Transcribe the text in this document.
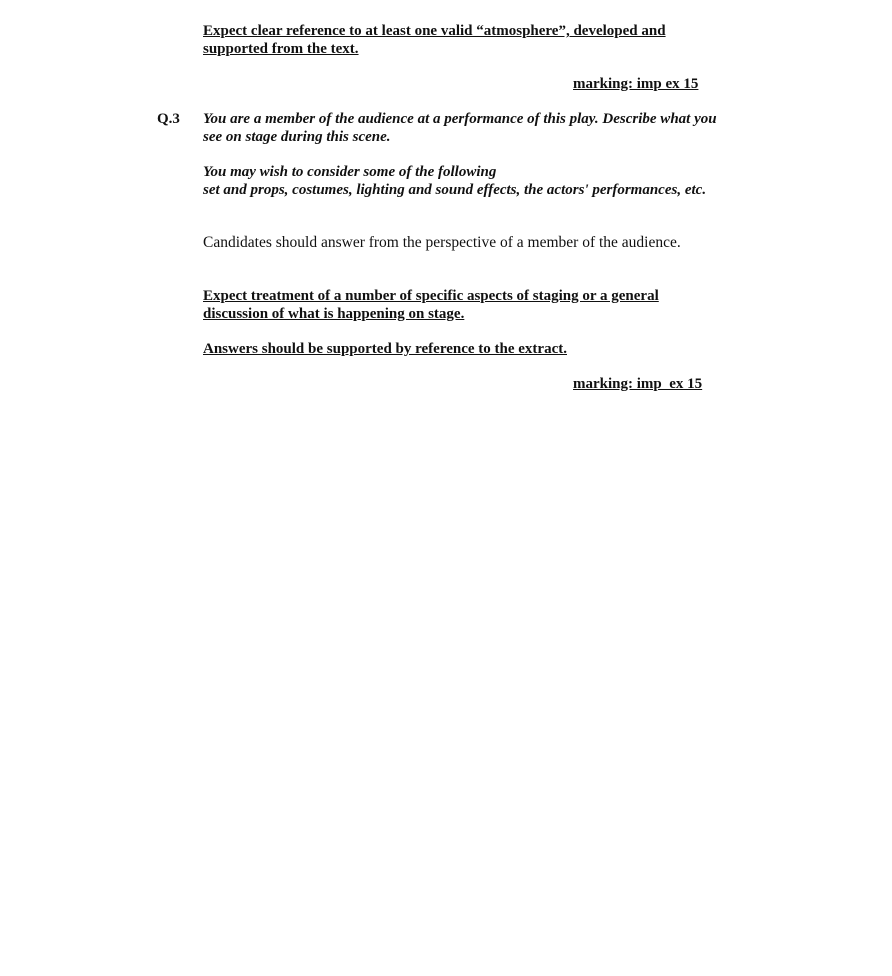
Expect clear reference to at least one valid “atmosphere”, developed and
supported from the text.
marking: imp ex 15
Q.3 You are a member of the audience at a performance of this play. Describe what you
see on stage during this scene.
You may wish to consider some of the following
set and props, costumes, lighting and sound effects, the actors' performances, etc.
Candidates should answer from the perspective of a member of the audience.
Expect treatment of a number of specific aspects of staging or a general
discussion of what is happening on stage.
Answers should be supported by reference to the extract.
marking: imp  ex 15
